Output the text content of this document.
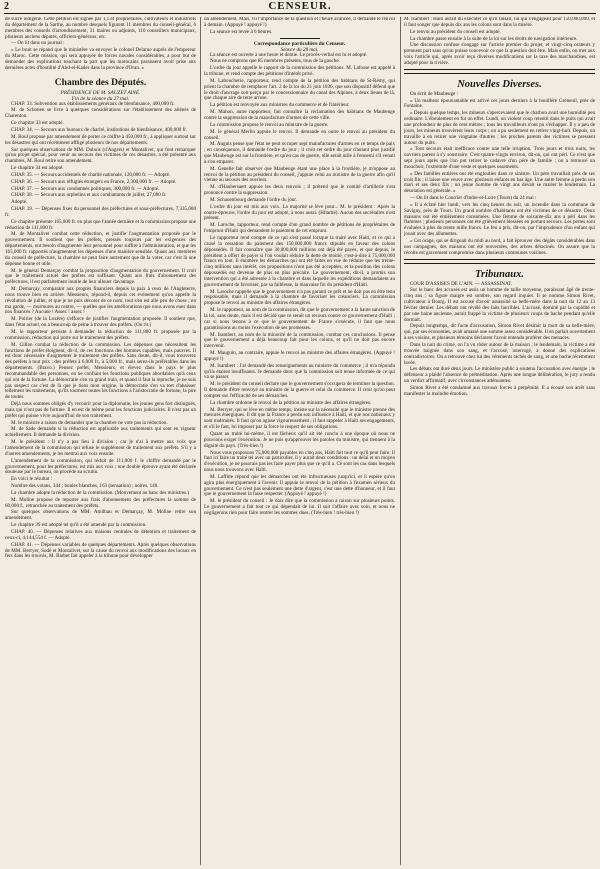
2	CENSEUR.

de sucre indigène. Cette pétition est signée par 1,134 propriétaires, cultivateurs et industriels du département de la Sarthe, au nombre desquels figurent 11 membres du conseil-général, 6 membres des conseils d'arrondissement, 31 maires ou adjoints, 110 conseillers municipaux, plusieurs anciens députés, officiers-généraux, etc.

— On lit dans un journal :

« Le bruit se répand que le ministère va envoyer le colonel Delarue auprès de l'empereur du Maroc. Cette mission, qui sera appuyée de forces navales considérables, a pour but de demander des explications touchant la part que les marocains paraissent avoir prise aux dernières actes d'hostilité d'Abd-el-Kader dans la province d'Oran. »

Chambre des Députés.
PRÉSIDENCE DE M. SAUZET AINÉ.
Fin de la séance du 27 mai.

CHAP. 33. Subvention aux établissements généraux de bienfaisance, 400,000 fr.

M. de Schonen se livre à quelques considérations sur l'établissement des aliénés de Charenton.

Ce chapitre 33 est adopté.

CHAP. 34. — Secours aux bureaux de charité, institutions de bienfaisance, 400,000 fr.

M. Boul propose par amendement de porter ce chiffre à 450,000 fr., à appliquer surtout sur les désastres qui ont récemment affligé plusieurs de nos départements.

Sur quelques observations de MM. Dubois (d'Angers) et Montalivet, qui font remarquer qu'un projet spécial, pour venir au secours des victimes de ces désastres, a été présenté aux chambres, M. Boul retire son amendement.

Le chapitre 34 est adopté.

CHAP. 35. — Secours accidentels de charité nationale, 120,000 fr. — Adopté.

CHAP. 36. — Secours aux réfugiés étrangers en France, 2,300,000 fr. — Adopté.

CHAP. 37. — Secours aux condamnés politiques, 300,000 fr. — Adopté.

CHAP. 38. — Secours aux orphelins et aux combattants de juillet, 27,000 fr.

Adopté.

CHAP. 39. — Dépenses fixes du personnel des préfectures et sous-préfectures, 7,335,000 fr.

Ce chapitre présente 165,000 fr. en plus que l'année dernière et la commission propose une réduction de 111,800 fr.

M. de Montalivet combat cette réduction, et justifie l'augmentation proposée par le gouvernement. Il soutient que les préfets, pressés toujours par les exigences des départements, ont besoin d'augmenter leur personnel pour suffire à l'administration, et que les 165,000 fr. rapportés n'augmentent les dépenses d'une manière sensible. Quant aux membres du conseil de préfecture, la chambre ne peut faire autrement que de la voter, car c'est là une dépense bonne et utile.

M. le général Demarçay combat la proposition d'augmentation du gouvernement. Il croit que le traitement actuel des préfets est suffisant. Quant aux frais d'abonnement des préfectures, il est parfaitement inutile de leur allouer davantage.

M. Demarçay, comparant aux progrès financiers depuis la paix à ceux de l'Angleterre, nous trouve bien en arrière. Messieurs, répond-il, depuis cet événement qu'on appelle la révolution de juillet, et que je ne puis décorer de ce nom, tout s'en est allé peu de chose ; en ma garde, — murmures au centre, — quelles que les améliorations que nous avons eues dans nos finances ? Aucune ! Assez ! assez !

M. Poirier (de la Lozère) s'efforce de justifier l'augmentation proposée. Il soutient que, dans l'état actuel, on a beaucoup de peine à trouver des préfets. (On rit.)

M. le rapporteur persiste à demander la réduction de 111,800 fr. proposée par la commission, réduction qui porte sur le traitement des préfets.

M. Gillon combat la réduction de la commission. Les dépenses que nécessitent les fonctions de préfet éloignent, dit-il, de ces fonctions des hommes capables, mais pauvres. Il est donc nécessaire d'augmenter le traitement des préfets. Sans doute, dit-il, vous trouverez des préfets à tout prix ; des préfets à 6,000 fr., à 5,000 fr., mais serez-ils préférables dans les départements. (Bravo.) Pensez préfet, Messieurs, et élevez dans le pays le plus recommandable des personnes, en ne confiant les fonctions publiques abordables qu'à ceux qui ont de la fortune. La démocratie s'en va grand train, et quand il faut la reproche, je ne suis pas suspect car c'est de là que je tiens mon origine, la démocratie s'en va tort d'abaisser tellement les traitements, qu'ils tournent toutes les fonctions à l'aristocratie de fortune, la pire de toutes.

Déjà nous sommes obligés d'y recourir pour la diplomatie, les jeunes gens fort distingués, mais qui n'ont pas de fortune. Il en est de même pour les fonctions judiciaires. Il n'est pas un préfet qui puisse vivre aujourd'hui de son traitement.

M. le ministre a raison de demander que la chambre ne vote pas la réduction.

M. de Sade demande si la réduction est applicable aux traitements qui sont en vigueur actuellement. Il demande la division.

M. le président : Il n'y a pas lieu à division ; car je n'ai à mettre aux voix que l'amendement de la commission qui refuse le supplément de traitement aux préfets. S'il y a d'autres amendements, je les mettrai aux voix ensuite.

L'amendement de la commission, qui réduit de 111,800 f. le chiffre demandé par le gouvernement, pour les préfectures, est mis aux voix ; une double épreuve ayant été déclarée douteuse par le bureau, on procède au scrutin.

En voici le résultat :

Nombre des votans, 344 ; boules blanches, 163 (sensation) ; noires, 148.

La chambre adopte la réduction de la commission. (Mouvement au banc des ministres.)

M. Moline propose de reporter aux frais d'abonnement des préfectures la somme de 60,000 f., retranchée au traitement des préfets.

Sur quelques observations de MM. Amilhau et Demarçay, M. Moline retire son amendement.

Le chapitre 39 est adopté tel qu'il a été amendé par la commission.

CHAP. 40. — Dépenses relatives aux maisons centrales de détention et traitement de ceux-ci, 4,144,554 f. — Adopté.

CHAP. 41. — Dépenses variables de quelques départements. Après quelques observations de MM. Berryer, Sodé et Montalivet, sur la cause du renvoi aux modifications des locaux en fers dans les trouvés, M. Barbet fait appeler à la tribune pour développer

un amendement. Mais, vu l'importance de la question et l'heure avancée, il demande le renvoi à demain. (Appuyé ! appuyé !)

La séance est levée à 6 heures.

Correspondance particulière du Censeur.
Séance du 28 mai.

La séance est ouverte à une heure et demie. Le procès-verbal est lu et adopté.

Nous ne comptons que 85 membres présents, tous de la gauche.

L'ordre du jour appelle le rapport de la commission des pétitions. M. Lafosse est appelé à la tribune, et rend compte des pétitions d'intérêt privé.

M. Laboucherie, rapporteur, rend compte de la pétition des habitans de St-Rémy, qui prient la chambre de remplacer l'art. 2 de la loi du 21 juin 1836, que son dispositif défend que le droit d'ancrage soit perçu par le concessionnaire du canal des Alpines, à deux lieues de là, que chaque aire de terre arrose.

La pétition est renvoyée aux ministres du commerce et de l'intérieur.

M. Mahon, autre rapporteur, fait connaître la réclamation des habitans de Maubeuge contre la suppression de la manufacture d'armes de cette ville.

La commission propose le renvoi au ministre de la guerre.

M. le général Merlin appuie le renvoi. Il demande en outre le renvoi au président du conseil.

M. Auguis pense que l'état ne peut occuper sept manufactures d'armes en ce temps de paix ; en conséquence, il demande l'ordre du jour ; il croit cet ordre du jour d'autant plus justifié que Maubeuge est sur la frontière, et qu'en cas de guerre, elle serait utile à l'ennemi s'il venait à s'en emparer.

M. Genelle fait observer que Maubeuge étant une place à la frontière, je m'oppose au renvoi de la pétition au président du conseil, j'appuie celui au ministre de la guerre afin qu'il vienne au secours des ouvriers.

M. d'Haubersaert appuie les deux renvois ; il prétend que le comité d'artillerie s'est prononcé contre la suppression.

M. Schauenbourg demande l'ordre du jour.

L'ordre du jour est mis aux voix. La majorité se lève pour... M. le président : Après la contre-épreuve, l'ordre du jour est adopté, à nous aussi. (Hilarité). Aucun des secrétaires n'est présent.

M. Laroche, rapporteur, rend compte d'un grand nombre de pétitions de propriétaires de l'emprunt d'Haïti qui demandent le paiement de cet emprunt.

Le rapporteur rend compte de ce qui s'est passé lorsque la traité avec Haïti, et ce qui a causé la cessation du paiement des 150,000,000 francs stipulés en faveur des colons dépossédés. Il fait connaître que 30,000,000 millions ont déjà été payés, et que depuis, le président a offert de payer si l'on voulait réduire la dette de moitié, c'est-à-dire à 75,000,000 francs en tout. Il énumère les démarches qui ont été faites en vue de réduire que les trente-cinq millions sans intérêt, ces propositions n'ont pas été acceptées, et la position des colons dépossédés est devenue de plus en plus précaire. Le gouvernement, dit-il, a promis son intervention qui a été adressée à la chambre et dans laquelle les expéditions demandaient au gouvernement de favoriser, par sa faiblesse, la mauvaise foi du président d'Haïti.

M. Laroche rappelle que le gouvernement n'a pas garanti ce prêt et ne doit pas en être tenu responsable, mais il demande à la chambre de favoriser les créanciers. La commission propose le renvoi au ministre des affaires étrangères.

M. le rapporteur, au nom de la commission, dit que le gouvernement a la haute sanction de la loi, sans doute, mais il est décidé que ce serait un recours contre ce gouvernement d'Haïti ; car si nous tenons à ce que le gouvernement de France s'exécute, il faut que nous garantissions au moins l'exécution de ses promesses.

M. Isambert, au nom de la minorité de la commission, combat ces conclusions. Il pense que le gouvernement a déjà beaucoup fait pour les colons, et qu'il ne doit pas encore intervenir.

M. Mauguin, au contraire, appuie le renvoi au ministre des affaires étrangères. (Appuyé ! appuyé !)

M. Isambert : J'ai demandé des renseignements au ministre du commerce ; il m'a répondu qu'ils étaient insuffisants. Je demande donc que la commission soit tenue informée de ce qui va se passer.

M. le président du conseil déclare que le gouvernement s'occupera de terminer la question. Il demande d'être renvoyé au ministre de la guerre et celui du commerce. Il croit qu'on peut compter sur l'efficacité de ses démarches.

La chambre ordonne le renvoi de la pétition au ministre des affaires étrangères.

M. Berryer, qui se lève en même temps, insiste sur la nécessité que le ministre prenne des mesures énergiques. Il dit que la France a perdu son influence à Haïti, et que nos nationaux y sont maltraités. Il faut qu'on agisse vigoureusement ; il faut rappeler à Haïti ses engagements, et s'il le faut, lui imposer par la force le respect de ses obligations.

Quant au traité lui-même, il est fâcheux qu'il ait été conclu à une époque où nous ne pouvions exiger l'exécution. Je ne puis qu'approuver les paroles du ministre, qui tiennent à la dignité du pays. (Très-bien !)

Nous vous proposons 75,000,000 payables en cinq ans, Haïti fait tout ce qu'il peut faire. Il faut ici faire un traité tel avec un particulier, il y aurait deux conditions : un délai et un moyen d'exécution, je ne pourrais pas les faire payer plus que ce qu'il a. Ce sont les cas dans lesquels nous nous trouvons avec Haïti.

M. Laffitte répond que les démarches ont été infructueuses jusqu'ici, et il espère qu'on agira plus énergiquement à l'avenir. Il appuie le renvoi de la pétition à l'examen sérieux du gouvernement. Ce n'est pas seulement une dette d'argent, c'est une dette d'honneur, et il faut que le gouvernement la fasse respecter. (Appuyé ! appuyé !)

M. le président du conseil : Je dois dire que la commission a raison sur plusieurs points. Le gouvernement a fait tout ce qui dépendait de lui. Il suit l'affaire avec soin, et nous ne négligerons rien pour faire rentrer les sommes dues. (Très-bien ! très-bien !)

M. Isambert : Haïti aurait dû exécuter ce qu'il faisait, lui qui s'engageait pour 150,000,000, et il faut songer que depuis dix ans les colons sont dans la misère.

Le renvoi au président du conseil est adopté.

La chambre passe ensuite à la suite de la loi sur les droits de navigation intérieure.

Une discussion confuse s'engage sur l'article premier du projet, et vingt-cinq orateurs y prennent part sans qu'on puisse concevoir ce que la question doit être. Mais enfin, on met aux voix l'article qui, après avoir reçu diverses modifications sur la taxe des marchandises, est adopté pour la rivière.

Nouvelles Diverses.

On écrit de Maubeuge :

« Un malheur épouvantable est arrivé ces jours derniers à la houillère Gréneuil, près de Fontaine.

« Depuis quelque temps, les mineurs s'apercevaient que le charbon avait une humidité peu ordinaire. L'éboulement en fut un effet. Lundi, un violent coup retentit dans le puits qui avait une profondeur de plus de cent mètres ; tous les travailleurs n'ont pu s'échapper. Il y a peu de jours, les mineurs trouvèrent leurs corps ; on a pu seulement en retirer vingt-huit. Depuis, on travaille à en retirer une vingtaine d'autres ; les proches parents des victimes se pressent autour du puits.

« Tout secours était inefficace contre une telle irruption. Trois jours et trois nuits, les ouvriers parent à s'y soustraire. C'est quatre-vingts environ, dit-on, qui ont péri. Ce n'est que sept jours après que l'on put retirer le cadavre d'un père de famille ; on a retrouvé un mouchoir, l'extrémité d'une veste et quelques ossements.

« Des familles entières ont été englouties dans ce sinistre. Un père travaillait près de ses trois fils ; il laisse une veuve avec plusieurs enfants en bas âge. Une autre femme a perdu son mari et ses deux fils ; un jeune homme de vingt ans devait se marier le lendemain. La désolation est générale. »

— On lit dans le Courrier d'Indre-et-Loire (Tours) du 24 mai :

« Il a éclaté hier lundi, vers les cinq heures du soir, un incendie dans la commune de Savigny, près de Tours. Un grand nombre d'habitants ont été victimes de ce désastre. Deux maisons ont été entièrement consumées. Une femme de soixante-dix ans a péri dans les flammes ; plusieurs personnes ont été grièvement blessées en portant secours. Les pertes sont évaluées à plus de trente mille francs. Le feu a pris, dit-on, par l'imprudence d'un enfant qui jouait avec des allumettes.

« Cet orage, qui se dirigeait du midi au nord, a fait éprouver des dégâts considérables dans nos campagnes, des maisons ont été renversées, des arbres déracinés. On assure que la récolte est gravement compromise dans plusieurs communes voisines.

Tribunaux.

COUR D'ASSISES DE L'AIN. — ASSASSINAT.

Sur le banc des accusés est assis un homme de taille moyenne, paraissant âgé de trente-cinq ans ; sa figure maigre est sombre, son regard inquiet. Il se nomme Simon Rivet, cultivateur à Bourg. Il est accusé d'avoir assassiné sa belle-mère dans la nuit du 12 au 13 février dernier. Les débats ont révélé des faits horribles. L'accusé, dominé par la cupidité et par une haine ancienne, aurait frappé la victime de plusieurs coups de hache pendant qu'elle dormait.

Depuis longtemps, dit l'acte d'accusation, Simon Rivet désirait la mort de sa belle-mère, qui, par ses économies, avait amassé une somme assez considérable. Il en parlait ouvertement à ses voisins, et plusieurs témoins déclarent l'avoir entendu proférer des menaces.

Dans la nuit du crime, on l'a vu rôder autour de la maison ; le lendemain, la victime a été trouvée baignée dans son sang, et l'accusé, interrogé, a donné des explications contradictoires. On a retrouvé chez lui des vêtements tachés de sang, et une hache récemment lavée.

Les débats ont duré deux jours. Le ministère public a soutenu l'accusation avec énergie ; le défenseur a plaidé l'absence de préméditation. Après une longue délibération, le jury a rendu un verdict affirmatif, avec circonstances atténuantes.

Simon Rivet a été condamné aux travaux forcés à perpétuité. Il a écouté son arrêt sans manifester la moindre émotion.
